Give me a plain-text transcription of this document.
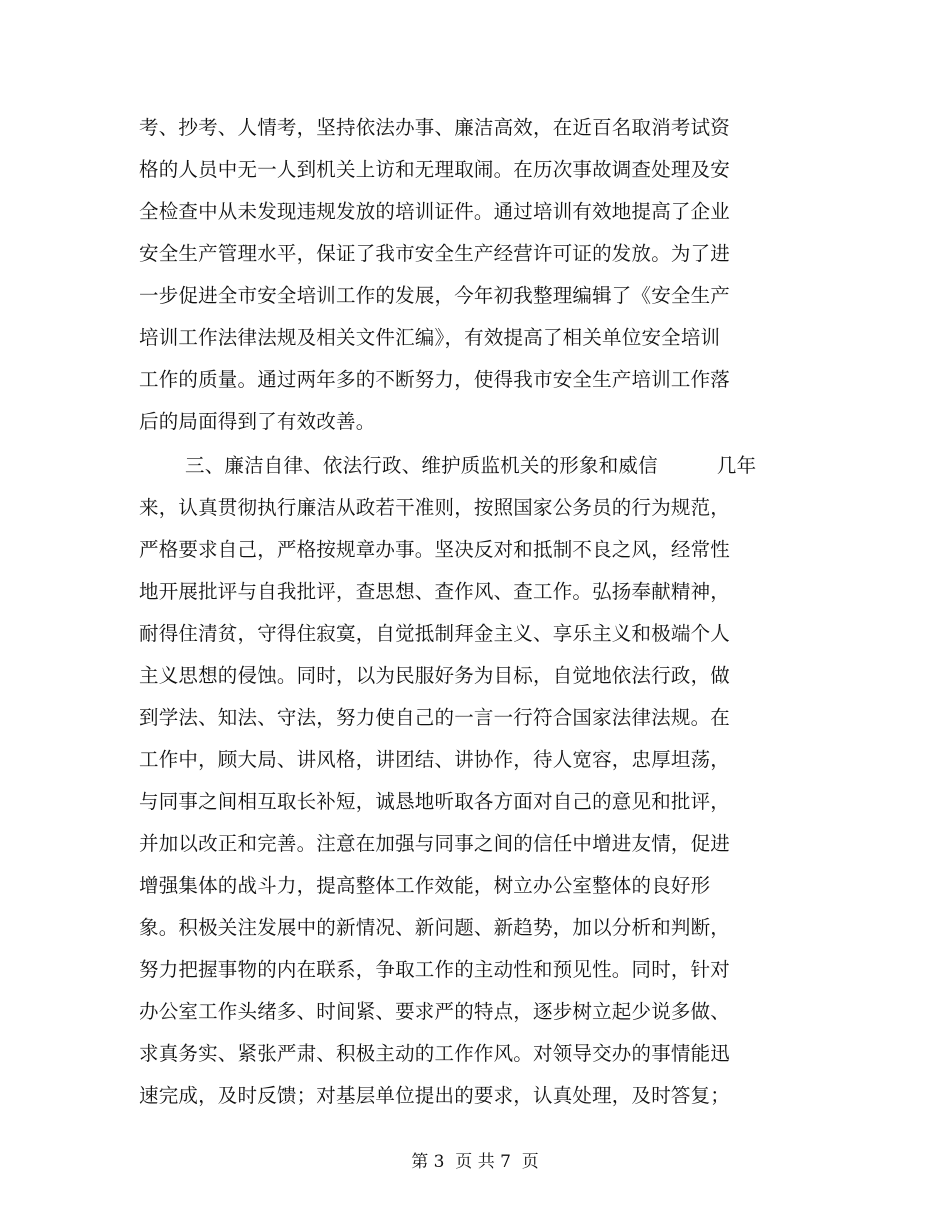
考、抄考、人情考，坚持依法办事、廉洁高效，在近百名取消考试资
格的人员中无一人到机关上访和无理取闹。在历次事故调查处理及安
全检查中从未发现违规发放的培训证件。通过培训有效地提高了企业
安全生产管理水平，保证了我市安全生产经营许可证的发放。为了进
一步促进全市安全培训工作的发展，今年初我整理编辑了《安全生产
培训工作法律法规及相关文件汇编》，有效提高了相关单位安全培训
工作的质量。通过两年多的不断努力，使得我市安全生产培训工作落
后的局面得到了有效改善。
三、廉洁自律、依法行政、维护质监机关的形象和威信　　　几年
来，认真贯彻执行廉洁从政若干准则，按照国家公务员的行为规范，
严格要求自己，严格按规章办事。坚决反对和抵制不良之风，经常性
地开展批评与自我批评，查思想、查作风、查工作。弘扬奉献精神，
耐得住清贫，守得住寂寞，自觉抵制拜金主义、享乐主义和极端个人
主义思想的侵蚀。同时，以为民服好务为目标，自觉地依法行政，做
到学法、知法、守法，努力使自己的一言一行符合国家法律法规。在
工作中，顾大局、讲风格，讲团结、讲协作，待人宽容，忠厚坦荡，
与同事之间相互取长补短，诚恳地听取各方面对自己的意见和批评，
并加以改正和完善。注意在加强与同事之间的信任中增进友情，促进
增强集体的战斗力，提高整体工作效能，树立办公室整体的良好形
象。积极关注发展中的新情况、新问题、新趋势，加以分析和判断，
努力把握事物的内在联系，争取工作的主动性和预见性。同时，针对
办公室工作头绪多、时间紧、要求严的特点，逐步树立起少说多做、
求真务实、紧张严肃、积极主动的工作作风。对领导交办的事情能迅
速完成，及时反馈；对基层单位提出的要求，认真处理，及时答复；
第 3  页 共 7  页
